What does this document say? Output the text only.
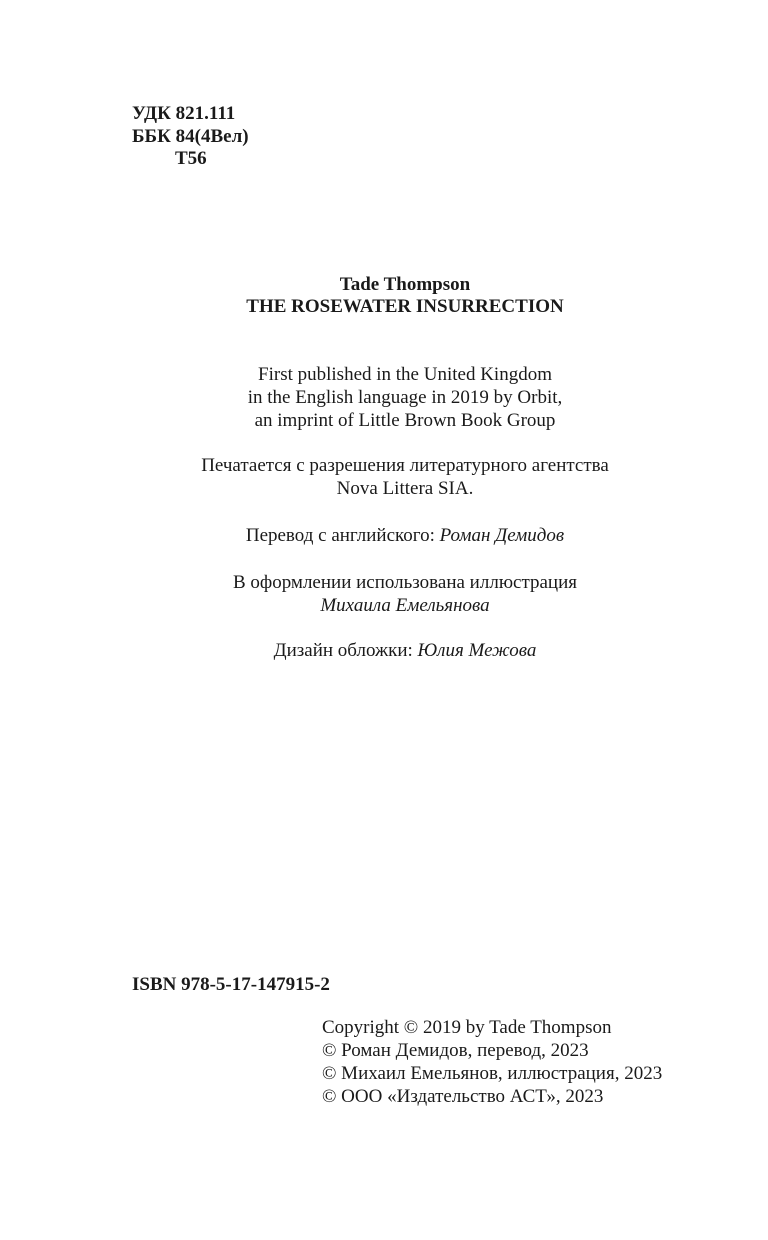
УДК 821.111
ББК 84(4Вел)
Т56
Tade Thompson
THE ROSEWATER INSURRECTION
First published in the United Kingdom
in the English language in 2019 by Orbit,
an imprint of Little Brown Book Group
Печатается с разрешения литературного агентства
Nova Littera SIA.
Перевод с английского: Роман Демидов
В оформлении использована иллюстрация
Михаила Емельянова
Дизайн обложки: Юлия Межова
ISBN 978-5-17-147915-2
Copyright © 2019 by Tade Thompson
© Роман Демидов, перевод, 2023
© Михаил Емельянов, иллюстрация, 2023
© ООО «Издательство АСТ», 2023
